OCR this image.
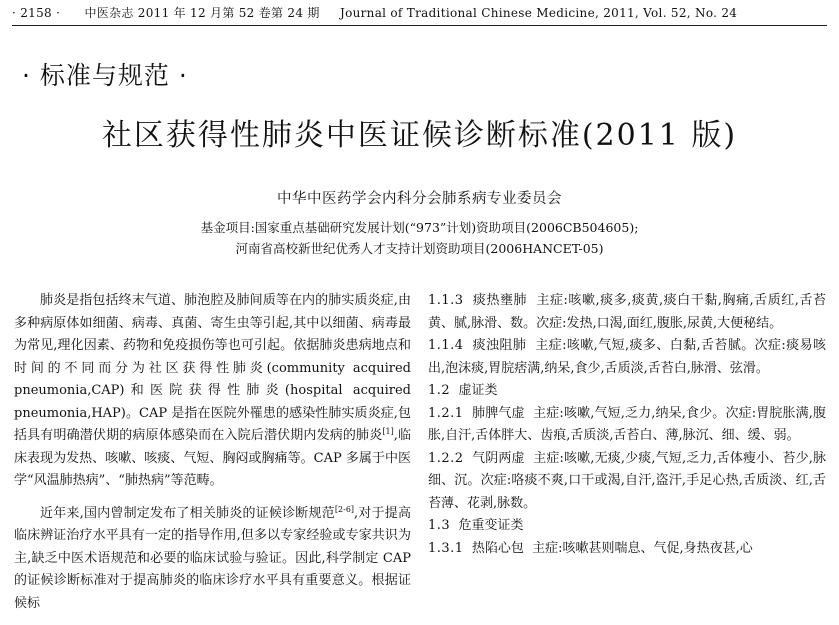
· 2158 · 中医杂志 2011 年 12 月第 52 卷第 24 期 Journal of Traditional Chinese Medicine, 2011, Vol. 52, No. 24
· 标准与规范 ·
社区获得性肺炎中医证候诊断标准(2011 版)
中华中医药学会内科分会肺系病专业委员会
基金项目:国家重点基础研究发展计划(“973”计划)资助项目(2006CB504605);
河南省高校新世纪优秀人才支持计划资助项目(2006HANCET-05)

肺炎是指包括终末气道、肺泡腔及肺间质等在内的肺实质炎症,由多种病原体如细菌、病毒、真菌、寄生虫等引起,其中以细菌、病毒最为常见,理化因素、药物和免疫损伤等也可引起。依据肺炎患病地点和时间的不同而分为社区获得性肺炎(community acquired pneumonia,CAP)和医院获得性肺炎(hospital acquired pneumonia,HAP)。CAP 是指在医院外罹患的感染性肺实质炎症,包括具有明确潜伏期的病原体感染而在入院后潜伏期内发病的肺炎[1],临床表现为发热、咳嗽、咳痰、气短、胸闷或胸痛等。CAP 多属于中医学“风温肺热病”、“肺热病”等范畴。

近年来,国内曾制定发布了相关肺炎的证候诊断规范[2-6],对于提高临床辨证治疗水平具有一定的指导作用,但多以专家经验或专家共识为主,缺乏中医术语规范和必要的临床试验与验证。因此,科学制定 CAP 的证候诊断标准对于提高肺炎的临床诊疗水平具有重要意义。根据证候标

1.1.3 痰热壅肺 主症:咳嗽,痰多,痰黄,痰白干黏,胸痛,舌质红,舌苔黄、腻,脉滑、数。次症:发热,口渴,面红,腹胀,尿黄,大便秘结。

1.1.4 痰浊阻肺 主症:咳嗽,气短,痰多、白黏,舌苔腻。次症:痰易咳出,泡沫痰,胃脘痞满,纳呆,食少,舌质淡,舌苔白,脉滑、弦滑。

1.2 虚证类

1.2.1 肺脾气虚 主症:咳嗽,气短,乏力,纳呆,食少。次症:胃脘胀满,腹胀,自汗,舌体胖大、齿痕,舌质淡,舌苔白、薄,脉沉、细、缓、弱。

1.2.2 气阴两虚 主症:咳嗽,无痰,少痰,气短,乏力,舌体瘦小、苔少,脉细、沉。次症:咯痰不爽,口干或渴,自汗,盗汗,手足心热,舌质淡、红,舌苔薄、花剥,脉数。

1.3 危重变证类

1.3.1 热陷心包 主症:咳嗽甚则喘息、气促,身热夜甚,心
